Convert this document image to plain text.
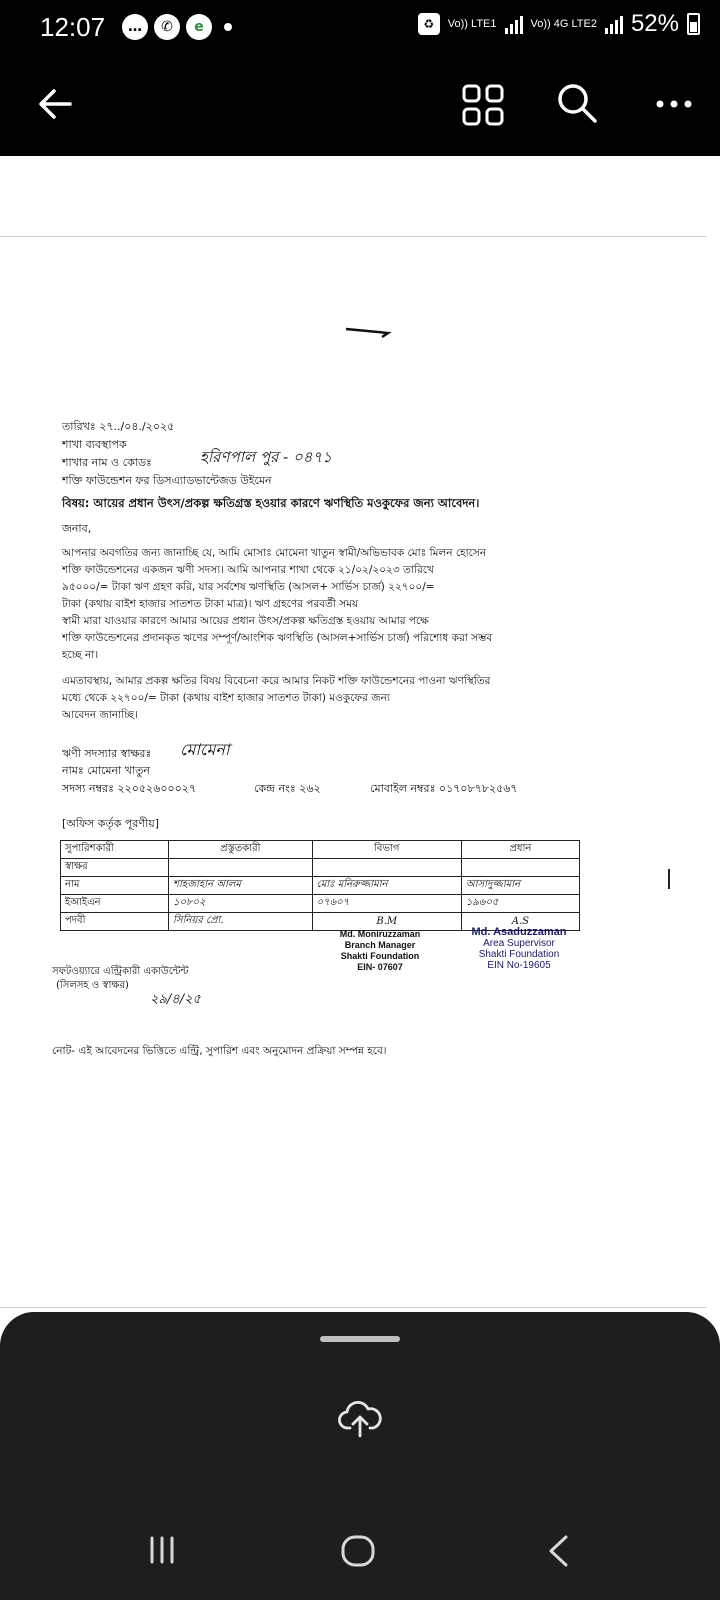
12:07	…	✆	e	♻	Vo)) LTE1	Vo)) 4G LTE2 52%
তারিখঃ ২৭../০৪./২০২৫
শাখা ব্যবস্থাপক
শাখার নাম ও কোডঃ	হরিণপাল পুর - ০৪৭১
শক্তি ফাউন্ডেশন ফর ডিসএ্যাডভান্টেজড উইমেন
বিষয়: আয়ের প্রধান উৎস/প্রকল্প ক্ষতিগ্রস্ত হওয়ার কারণে ঋণস্থিতি মওকুফের জন্য আবেদন।
জনাব,
আপনার অবগতির জন্য জানাচ্ছি যে, আমি মোসাঃ মোমেনা খাতুন স্বামী/অভিভাবক মোঃ মিলন হোসেন
শক্তি ফাউন্ডেশনের একজন ঋণী সদস্য। আমি আপনার শাখা থেকে ২১/০২/২০২৩ তারিখে
৯৫০০০/= টাকা ঋণ গ্রহণ করি, যার সর্বশেষ ঋণস্থিতি (আসল+ সার্ভিস চার্জ) ২২৭০০/=
টাকা (কথায় বাইশ হাজার সাতশত টাকা মাত্র)। ঋণ গ্রহণের পরবর্তী সময়
স্বামী মারা যাওয়ার কারণে আমার আয়ের প্রধান উৎস/প্রকল্প ক্ষতিগ্রস্ত হওয়ায় আমার পক্ষে
শক্তি ফাউন্ডেশনের প্রদানকৃত ঋণের সম্পূর্ণ/আংশিক ঋণস্থিতি (আসল+সার্ভিস চার্জ) পরিশোধ করা সম্ভব
হচ্ছে না।
এমতাবস্থায়, আমার প্রকল্প ক্ষতির বিষয় বিবেচনা করে আমার নিকট শক্তি ফাউন্ডেশনের পাওনা ঋণস্থিতির
মধ্যে থেকে ২২৭০০/= টাকা (কথায় বাইশ হাজার সাতশত টাকা) মওকুফের জন্য
আবেদন জানাচ্ছি।
ঋণী সদস্যার স্বাক্ষরঃ মোমেনা
নামঃ মোমেনা খাতুন
সদস্য নম্বরঃ ২২০৫২৬০০০২৭	কেন্দ্র নংঃ ২৬২	মোবাইল নম্বরঃ ০১৭০৮৭৮২৫৬৭
[অফিস কর্তৃক পূরণীয়]
সুপারিশকারী	প্রস্তুতকারী	বিভাগ	প্রধান
স্বাক্ষর			
নাম	শাহজাহান আলম	মোঃ মনিরুজ্জামান	আসাদুজ্জামান
ইআইএন	১০৮০২	০৭৬০৭	১৯৬০৫
পদবী	সিনিয়র প্রো.	B.M	A.S
Md. Moniruzzaman
Branch Manager
Shakti Foundation
EIN- 07607
Md. Asaduzzaman
Area Supervisor
Shakti Foundation
EIN No-19605
সফটওয়্যারে এন্ট্রিকারী একাউন্টেন্ট
(সিলসহ ও স্বাক্ষর)
২৯/৪/২৫
নোট- এই আবেদনের ভিত্তিতে এন্ট্রি, সুপারিশ এবং অনুমোদন প্রক্রিয়া সম্পন্ন হবে।
